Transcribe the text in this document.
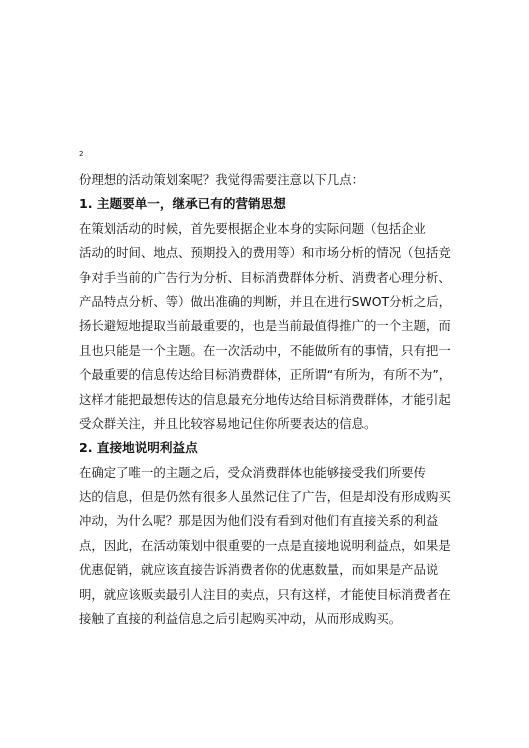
2
份理想的活动策划案呢？我觉得需要注意以下几点：
1. 主题要单一，继承已有的营销思想
在策划活动的时候，首先要根据企业本身的实际问题（包括企业
活动的时间、地点、预期投入的费用等）和市场分析的情况（包括竞
争对手当前的广告行为分析、目标消费群体分析、消费者心理分析、
产品特点分析、等）做出准确的判断，并且在进行SWOT分析之后，
扬长避短地提取当前最重要的，也是当前最值得推广的一个主题，而
且也只能是一个主题。在一次活动中，不能做所有的事情，只有把一
个最重要的信息传达给目标消费群体，正所谓“有所为，有所不为”，
这样才能把最想传达的信息最充分地传达给目标消费群体，才能引起
受众群关注，并且比较容易地记住你所要表达的信息。
2. 直接地说明利益点
在确定了唯一的主题之后，受众消费群体也能够接受我们所要传
达的信息，但是仍然有很多人虽然记住了广告，但是却没有形成购买
冲动，为什么呢？那是因为他们没有看到对他们有直接关系的利益
点，因此，在活动策划中很重要的一点是直接地说明利益点，如果是
优惠促销，就应该直接告诉消费者你的优惠数量，而如果是产品说
明，就应该贩卖最引人注目的卖点，只有这样，才能使目标消费者在
接触了直接的利益信息之后引起购买冲动，从而形成购买。
